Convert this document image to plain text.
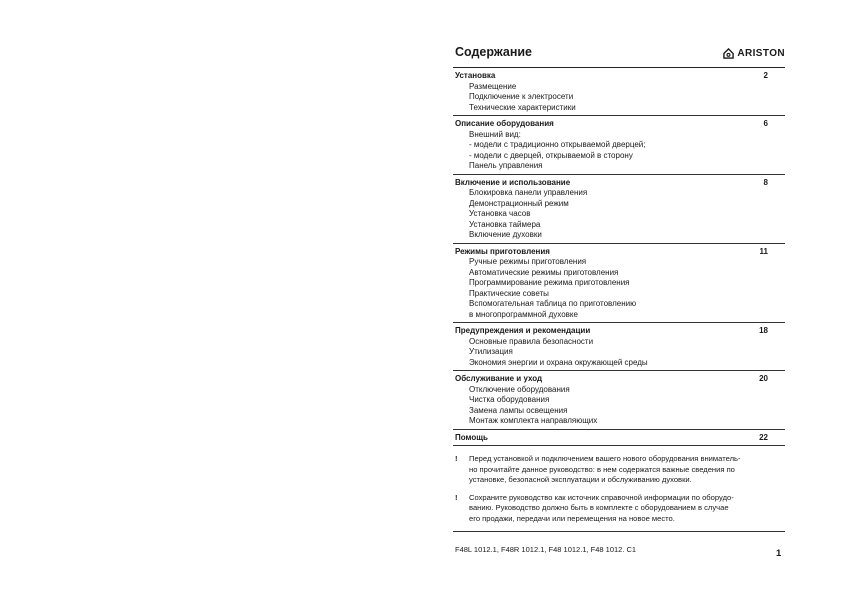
Содержание	ARISTON
Установка	2
Размещение
Подключение к электросети
Технические характеристики
Описание оборудования	6
Внешний вид:
- модели с традиционно открываемой дверцей;
- модели с дверцей, открываемой в сторону
Панель управления
Включение и использование	8
Блокировка панели управления
Демонстрационный режим
Установка часов
Установка таймера
Включение духовки
Режимы приготовления	11
Ручные режимы приготовления
Автоматические режимы приготовления
Программирование режима приготовления
Практические советы
Вспомогательная таблица по приготовлению
в многопрограммной духовке
Предупреждения и рекомендации	18
Основные правила безопасности
Утилизация
Экономия энергии и охрана окружающей среды
Обслуживание и уход	20
Отключение оборудования
Чистка оборудования
Замена лампы освещения
Монтаж комплекта направляющих
Помощь	22
!	Перед установкой и подключением вашего нового оборудования вниматель-
но прочитайте данное руководство: в нем содержатся важные сведения по
установке, безопасной эксплуатации и обслуживанию духовки.
!	Сохраните руководство как источник справочной информации по оборудо-
ванию. Руководство должно быть в комплекте с оборудованием в случае
его продажи, передачи или перемещения на новое место.
F48L 1012.1, F48R 1012.1, F48 1012.1, F48 1012. C1	1
